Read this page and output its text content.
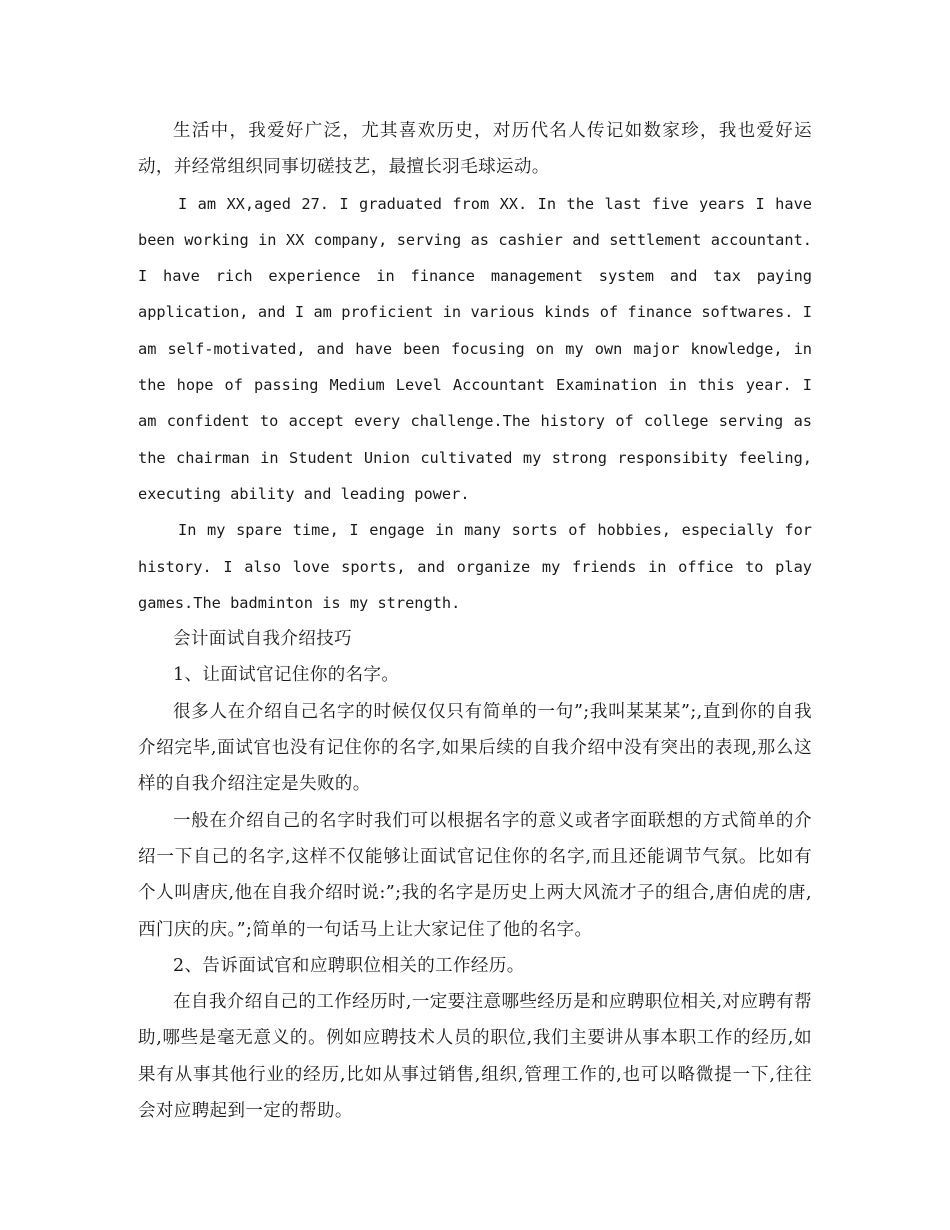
生活中，我爱好广泛，尤其喜欢历史，对历代名人传记如数家珍，我也爱好运动，并经常组织同事切磋技艺，最擅长羽毛球运动。

I am XX,aged 27. I graduated from XX. In the last five years I have been working in XX company, serving as cashier and settlement accountant. I have rich experience in finance management system and tax paying application, and I am proficient in various kinds of finance softwares. I am self-motivated, and have been focusing on my own major knowledge, in the hope of passing Medium Level Accountant Examination in this year. I am confident to accept every challenge.The history of college serving as the chairman in Student Union cultivated my strong responsibity feeling, executing ability and leading power.

In my spare time, I engage in many sorts of hobbies, especially for history. I also love sports, and organize my friends in office to play games.The badminton is my strength.

会计面试自我介绍技巧

1、让面试官记住你的名字。

很多人在介绍自己名字的时候仅仅只有简单的一句”;我叫某某某”;,直到你的自我介绍完毕,面试官也没有记住你的名字,如果后续的自我介绍中没有突出的表现,那么这样的自我介绍注定是失败的。

一般在介绍自己的名字时我们可以根据名字的意义或者字面联想的方式简单的介绍一下自己的名字,这样不仅能够让面试官记住你的名字,而且还能调节气氛。比如有个人叫唐庆,他在自我介绍时说:”;我的名字是历史上两大风流才子的组合,唐伯虎的唐,西门庆的庆。”;简单的一句话马上让大家记住了他的名字。

2、告诉面试官和应聘职位相关的工作经历。

在自我介绍自己的工作经历时,一定要注意哪些经历是和应聘职位相关,对应聘有帮助,哪些是毫无意义的。例如应聘技术人员的职位,我们主要讲从事本职工作的经历,如果有从事其他行业的经历,比如从事过销售,组织,管理工作的,也可以略微提一下,往往会对应聘起到一定的帮助。
